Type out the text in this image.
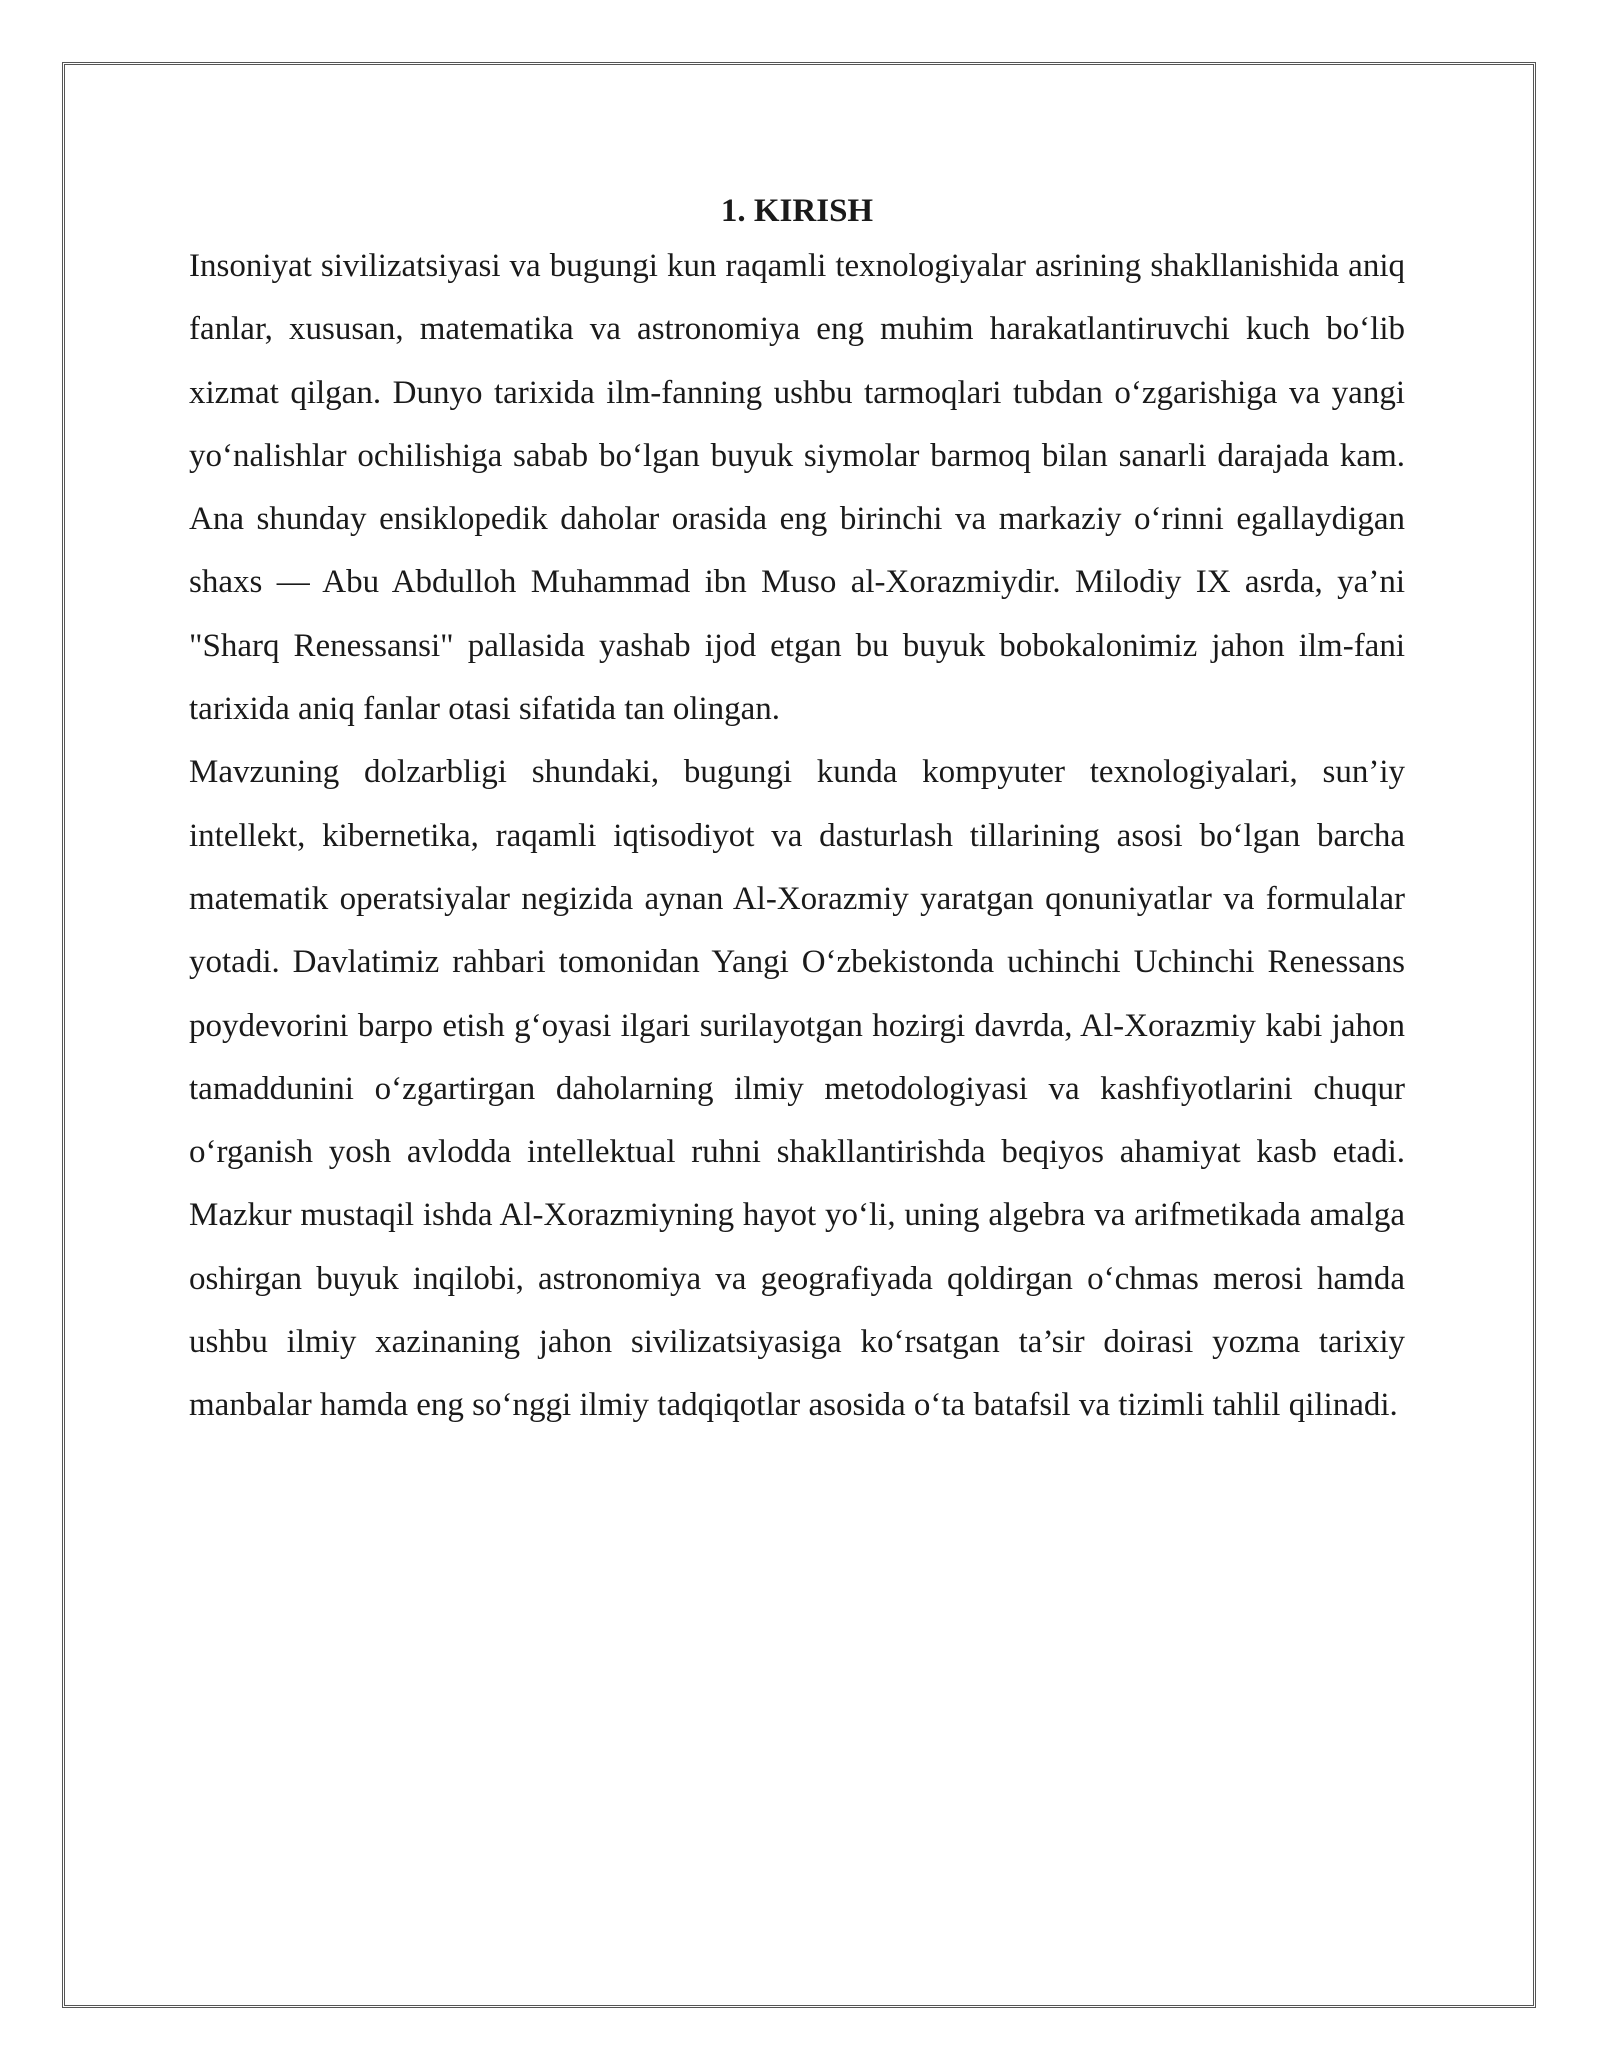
1. KIRISH

Insoniyat sivilizatsiyasi va bugungi kun raqamli texnologiyalar asrining shakllanishida aniq fanlar, xususan, matematika va astronomiya eng muhim harakatlantiruvchi kuch bo‘lib xizmat qilgan. Dunyo tarixida ilm-fanning ushbu tarmoqlari tubdan o‘zgarishiga va yangi yo‘nalishlar ochilishiga sabab bo‘lgan buyuk siymolar barmoq bilan sanarli darajada kam. Ana shunday ensiklopedik daholar orasida eng birinchi va markaziy o‘rinni egallaydigan shaxs — Abu Abdulloh Muhammad ibn Muso al-Xorazmiydir. Milodiy IX asrda, ya’ni "Sharq Renessansi" pallasida yashab ijod etgan bu buyuk bobokalonimiz jahon ilm-fani tarixida aniq fanlar otasi sifatida tan olingan.

Mavzuning dolzarbligi shundaki, bugungi kunda kompyuter texnologiyalari, sun’iy intellekt, kibernetika, raqamli iqtisodiyot va dasturlash tillarining asosi bo‘lgan barcha matematik operatsiyalar negizida aynan Al-Xorazmiy yaratgan qonuniyatlar va formulalar yotadi. Davlatimiz rahbari tomonidan Yangi O‘zbekistonda uchinchi Uchinchi Renessans poydevorini barpo etish g‘oyasi ilgari surilayotgan hozirgi davrda, Al-Xorazmiy kabi jahon tamaddunini o‘zgartirgan daholarning ilmiy metodologiyasi va kashfiyotlarini chuqur o‘rganish yosh avlodda intellektual ruhni shakllantirishda beqiyos ahamiyat kasb etadi. Mazkur mustaqil ishda Al-Xorazmiyning hayot yo‘li, uning algebra va arifmetikada amalga oshirgan buyuk inqilobi, astronomiya va geografiyada qoldirgan o‘chmas merosi hamda ushbu ilmiy xazinaning jahon sivilizatsiyasiga ko‘rsatgan ta’sir doirasi yozma tarixiy manbalar hamda eng so‘nggi ilmiy tadqiqotlar asosida o‘ta batafsil va tizimli tahlil qilinadi.
